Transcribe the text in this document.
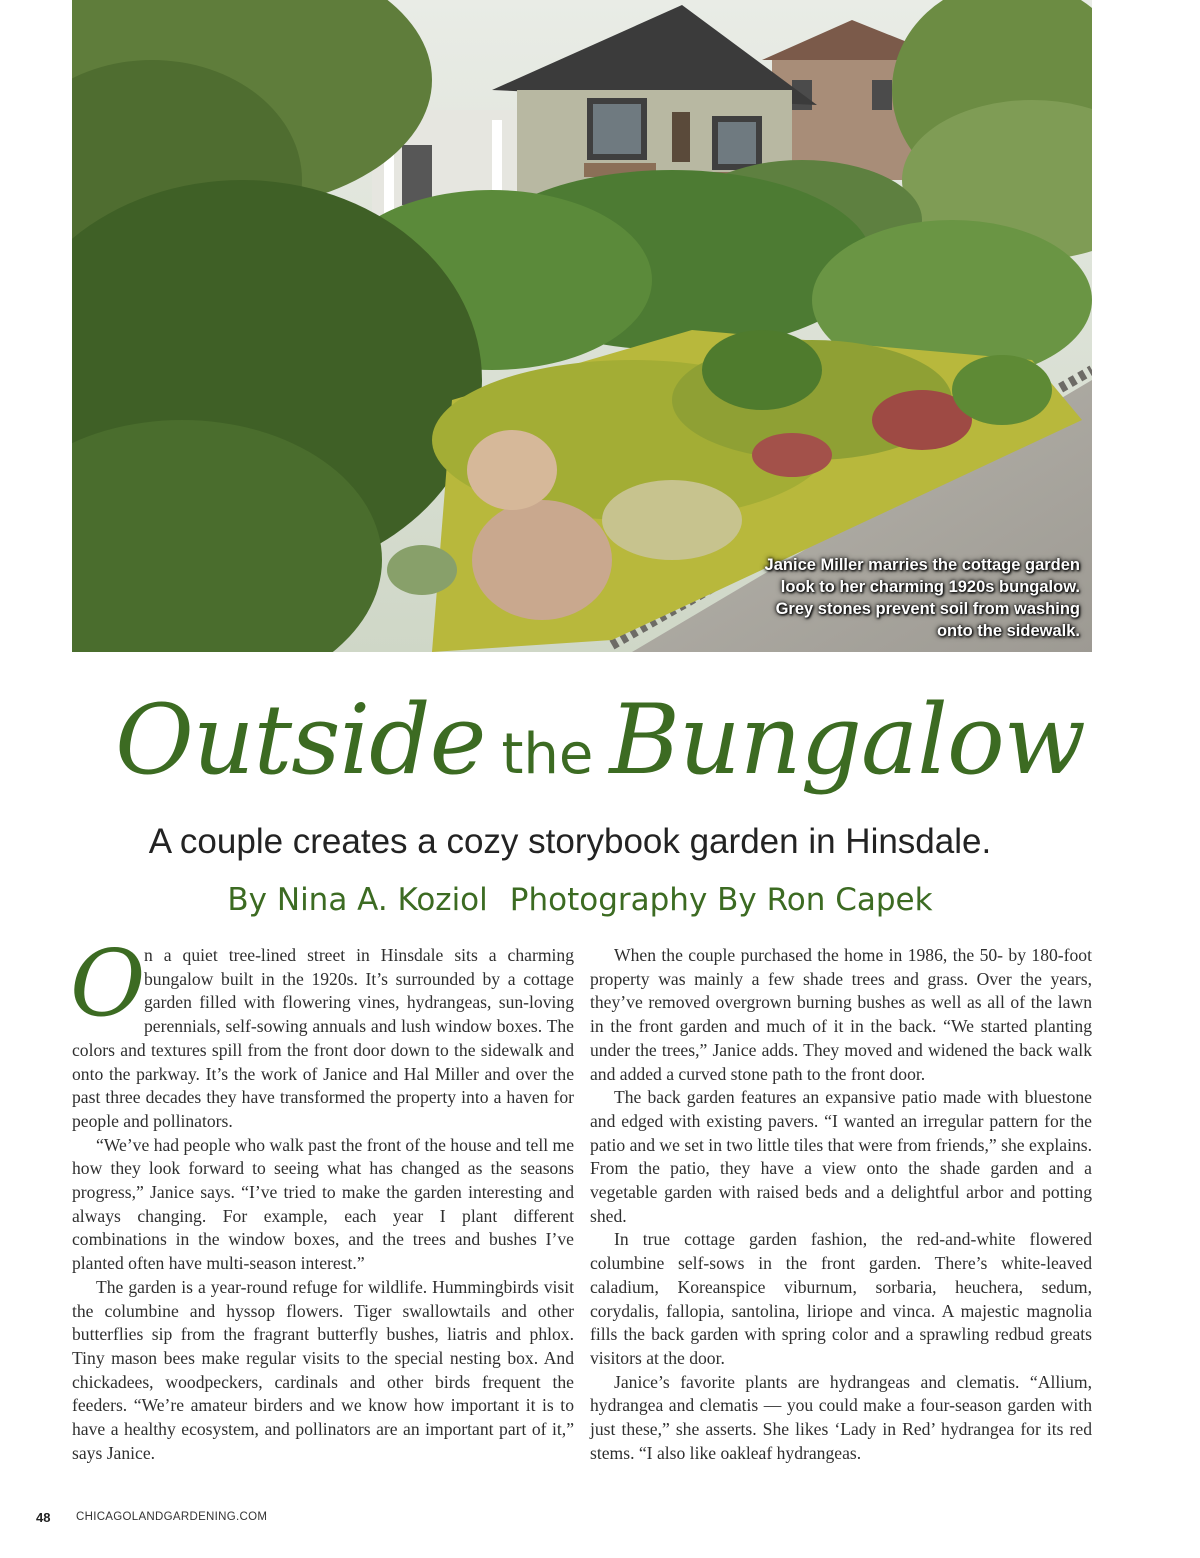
Janice Miller marries the cottage garden look to her charming 1920s bungalow. Grey stones prevent soil from washing onto the sidewalk.
Outside the Bungalow
A couple creates a cozy storybook garden in Hinsdale.
By Nina A. Koziol Photography By Ron Capek

O
n a quiet tree-lined street in Hinsdale sits a charming bungalow built in the 1920s. It’s surrounded by a cottage garden filled with flowering vines, hydrangeas, sun-loving perennials, self-sowing annuals and lush window boxes. The colors and textures spill from the front door down to the sidewalk and onto the parkway. It’s the work of Janice and Hal Miller and over the past three decades they have transformed the property into a haven for people and pollinators.

“We’ve had people who walk past the front of the house and tell me how they look forward to seeing what has changed as the seasons progress,” Janice says. “I’ve tried to make the garden interesting and always changing. For example, each year I plant different combinations in the window boxes, and the trees and bushes I’ve planted often have multi-season interest.”

The garden is a year-round refuge for wildlife. Hummingbirds visit the columbine and hyssop flowers. Tiger swallowtails and other butterflies sip from the fragrant butterfly bushes, liatris and phlox. Tiny mason bees make regular visits to the special nesting box. And chickadees, woodpeckers, cardinals and other birds frequent the feeders. “We’re amateur birders and we know how important it is to have a healthy ecosystem, and pollinators are an important part of it,” says Janice.

When the couple purchased the home in 1986, the 50- by 180-foot property was mainly a few shade trees and grass. Over the years, they’ve removed overgrown burning bushes as well as all of the lawn in the front garden and much of it in the back. “We started planting under the trees,” Janice adds. They moved and widened the back walk and added a curved stone path to the front door.

The back garden features an expansive patio made with bluestone and edged with existing pavers. “I wanted an irregular pattern for the patio and we set in two little tiles that were from friends,” she explains. From the patio, they have a view onto the shade garden and a vegetable garden with raised beds and a delightful arbor and potting shed.

In true cottage garden fashion, the red-and-white flowered columbine self-sows in the front garden. There’s white-leaved caladium, Koreanspice viburnum, sorbaria, heuchera, sedum, corydalis, fallopia, santolina, liriope and vinca. A majestic magnolia fills the back garden with spring color and a sprawling redbud greats visitors at the door.

Janice’s favorite plants are hydrangeas and clematis. “Allium, hydrangea and clematis — you could make a four-season garden with just these,” she asserts. She likes ‘Lady in Red’ hydrangea for its red stems. “I also like oakleaf hydrangeas.

48 CHICAGOLANDGARDENING.COM
